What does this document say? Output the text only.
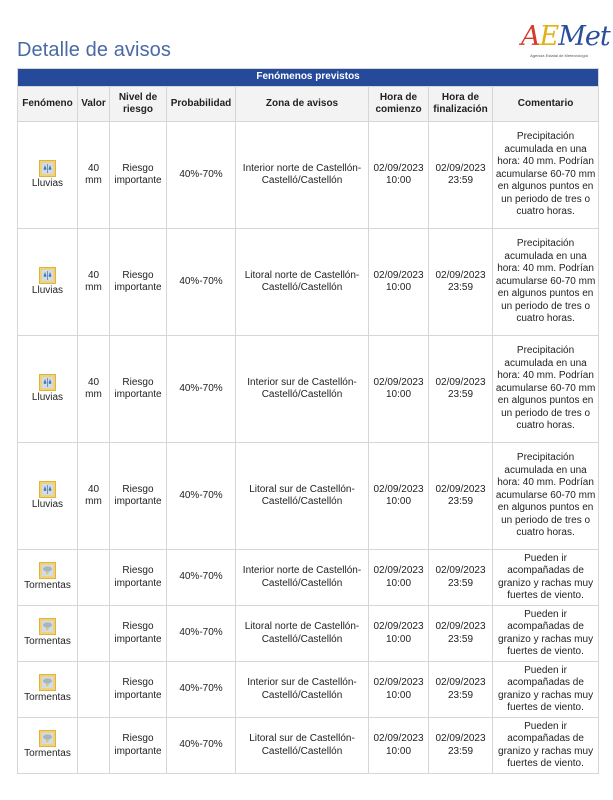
Detalle de avisos	AEMet
Agencia Estatal de Meteorología
Fenómenos previstos							
Fenómeno	Valor	Nivel de riesgo	Probabilidad	Zona de avisos	Hora de comienzo	Hora de finalización	Comentario

Lluvias	40 mm	Riesgo importante	40%-70%	Interior norte de Castellón-Castelló/Castellón	02/09/2023 10:00	02/09/2023 23:59	Precipitación acumulada en una hora: 40 mm. Podrían acumularse 60-70 mm en algunos puntos en un periodo de tres o cuatro horas.

Lluvias	40 mm	Riesgo importante	40%-70%	Litoral norte de Castellón-Castelló/Castellón	02/09/2023 10:00	02/09/2023 23:59	Precipitación acumulada en una hora: 40 mm. Podrían acumularse 60-70 mm en algunos puntos en un periodo de tres o cuatro horas.

Lluvias	40 mm	Riesgo importante	40%-70%	Interior sur de Castellón-Castelló/Castellón	02/09/2023 10:00	02/09/2023 23:59	Precipitación acumulada en una hora: 40 mm. Podrían acumularse 60-70 mm en algunos puntos en un periodo de tres o cuatro horas.

Lluvias	40 mm	Riesgo importante	40%-70%	Litoral sur de Castellón-Castelló/Castellón	02/09/2023 10:00	02/09/2023 23:59	Precipitación acumulada en una hora: 40 mm. Podrían acumularse 60-70 mm en algunos puntos en un periodo de tres o cuatro horas.

Tormentas		Riesgo importante	40%-70%	Interior norte de Castellón-Castelló/Castellón	02/09/2023 10:00	02/09/2023 23:59	Pueden ir acompañadas de granizo y rachas muy fuertes de viento.

Tormentas		Riesgo importante	40%-70%	Litoral norte de Castellón-Castelló/Castellón	02/09/2023 10:00	02/09/2023 23:59	Pueden ir acompañadas de granizo y rachas muy fuertes de viento.

Tormentas		Riesgo importante	40%-70%	Interior sur de Castellón-Castelló/Castellón	02/09/2023 10:00	02/09/2023 23:59	Pueden ir acompañadas de granizo y rachas muy fuertes de viento.

Tormentas		Riesgo importante	40%-70%	Litoral sur de Castellón-Castelló/Castellón	02/09/2023 10:00	02/09/2023 23:59	Pueden ir acompañadas de granizo y rachas muy fuertes de viento.
